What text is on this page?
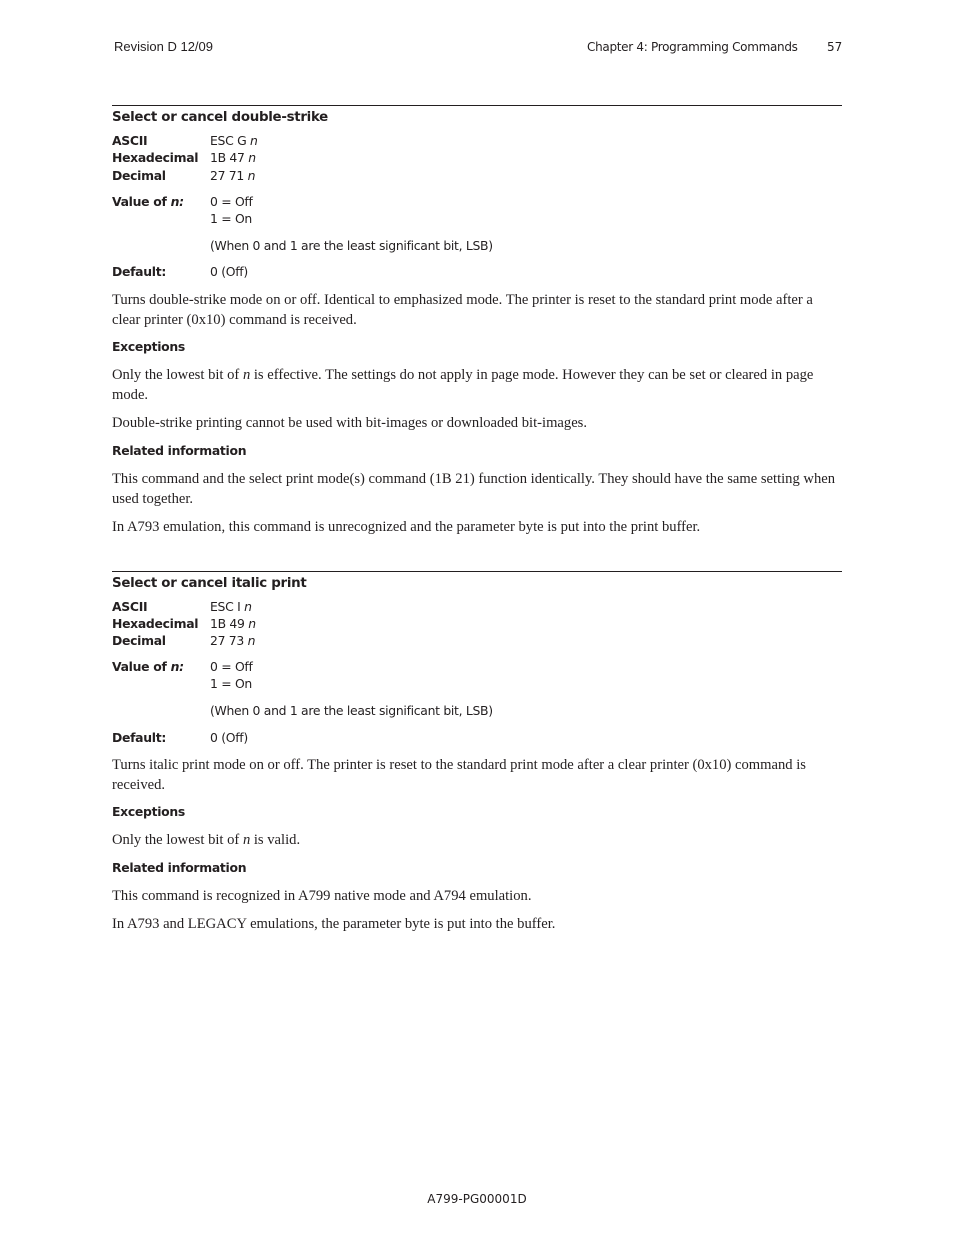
Revision D 12/09	Chapter 4: Programming Commands 57
Select or cancel double-strike
ASCII	ESC G n
Hexadecimal 1B 47 n
Decimal	27 71 n
Value of n: 0 = Off
1 = On
(When 0 and 1 are the least significant bit, LSB)
Default:	0 (Off)
Turns double-strike mode on or off. Identical to emphasized mode. The printer is reset to the standard print mode after a clear printer (0x10) command is received.
Exceptions
Only the lowest bit of n is effective. The settings do not apply in page mode. However they can be set or cleared in page mode.
Double-strike printing cannot be used with bit-images or downloaded bit-images.
Related information
This command and the select print mode(s) command (1B 21) function identically. They should have the same setting when used together.
In A793 emulation, this command is unrecognized and the parameter byte is put into the print buffer.
Select or cancel italic print
ASCII	ESC I n
Hexadecimal 1B 49 n
Decimal	27 73 n
Value of n: 0 = Off
1 = On
(When 0 and 1 are the least significant bit, LSB)
Default:	0 (Off)
Turns italic print mode on or off. The printer is reset to the standard print mode after a clear printer (0x10) command is received.
Exceptions
Only the lowest bit of n is valid.
Related information
This command is recognized in A799 native mode and A794 emulation.
In A793 and LEGACY emulations, the parameter byte is put into the buffer.
A799-PG00001D
